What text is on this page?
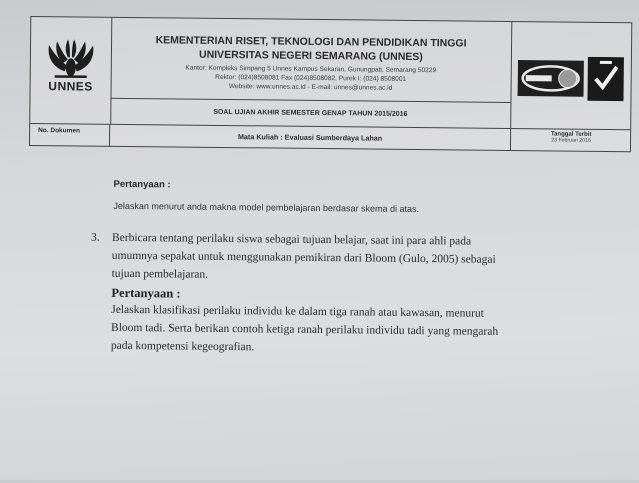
UNNES
KEMENTERIAN RISET, TEKNOLOGI DAN PENDIDIKAN TINGGI
UNIVERSITAS NEGERI SEMARANG (UNNES)
Kantor: Kompleks Simpang 5 Unnes Kampus Sekaran, Gunungpati, Semarang 50229
Rektor: (024)8508081 Fax (024)8508082, Purek I: (024) 8508001
Website: www.unnes.ac.id - E-mail: unnes@unnes.ac.id
SOAL UJIAN AKHIR SEMESTER GENAP TAHUN 2015/2016
No. Dokumen
Mata Kuliah : Evaluasi Sumberdaya Lahan	Tanggal Terbit
23 Februari 2016
Pertanyaan :
Jelaskan menurut anda makna model pembelajaran berdasar skema di atas.
3. Berbicara tentang perilaku siswa sebagai tujuan belajar, saat ini para ahli pada
umumnya sepakat untuk menggunakan pemikiran dari Bloom (Gulo, 2005) sebagai
tujuan pembelajaran.
Pertanyaan :
Jelaskan klasifikasi perilaku individu ke dalam tiga ranah atau kawasan, menurut
Bloom tadi. Serta berikan contoh ketiga ranah perilaku individu tadi yang mengarah
pada kompetensi kegeografian.
